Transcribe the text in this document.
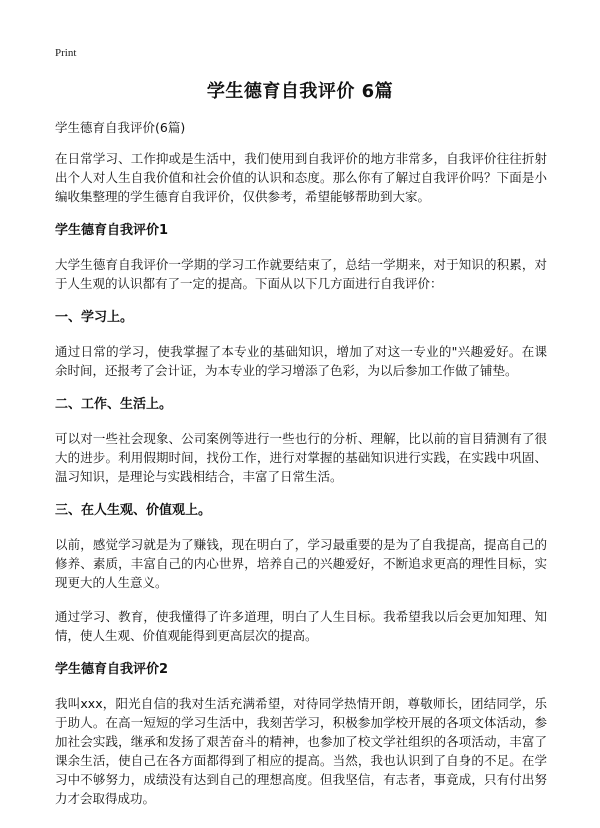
Print
学生德育自我评价 6篇

学生德育自我评价(6篇)

在日常学习、工作抑或是生活中，我们使用到自我评价的地方非常多，自我评价往往折射出个人对人生自我价值和社会价值的认识和态度。那么你有了解过自我评价吗？下面是小编收集整理的学生德育自我评价，仅供参考，希望能够帮助到大家。

学生德育自我评价1

大学生德育自我评价一学期的学习工作就要结束了，总结一学期来，对于知识的积累，对于人生观的认识都有了一定的提高。下面从以下几方面进行自我评价：

一、学习上。

通过日常的学习，使我掌握了本专业的基础知识，增加了对这一专业的"兴趣爱好。在课余时间，还报考了会计证，为本专业的学习增添了色彩，为以后参加工作做了铺垫。

二、工作、生活上。

可以对一些社会现象、公司案例等进行一些也行的分析、理解，比以前的盲目猜测有了很大的进步。利用假期时间，找份工作，进行对掌握的基础知识进行实践，在实践中巩固、温习知识，是理论与实践相结合，丰富了日常生活。

三、在人生观、价值观上。

以前，感觉学习就是为了赚钱，现在明白了，学习最重要的是为了自我提高，提高自己的修养、素质，丰富自己的内心世界，培养自己的兴趣爱好，不断追求更高的理性目标，实现更大的人生意义。

通过学习、教育，使我懂得了许多道理，明白了人生目标。我希望我以后会更加知理、知情，使人生观、价值观能得到更高层次的提高。

学生德育自我评价2

我叫xxx，阳光自信的我对生活充满希望，对待同学热情开朗，尊敬师长，团结同学，乐于助人。在高一短短的学习生活中，我刻苦学习，积极参加学校开展的各项文体活动，参加社会实践，继承和发扬了艰苦奋斗的精神，也参加了校文学社组织的各项活动，丰富了课余生活，使自己在各方面都得到了相应的提高。当然，我也认识到了自身的不足。在学习中不够努力，成绩没有达到自己的理想高度。但我坚信，有志者，事竟成，只有付出努力才会取得成功。
